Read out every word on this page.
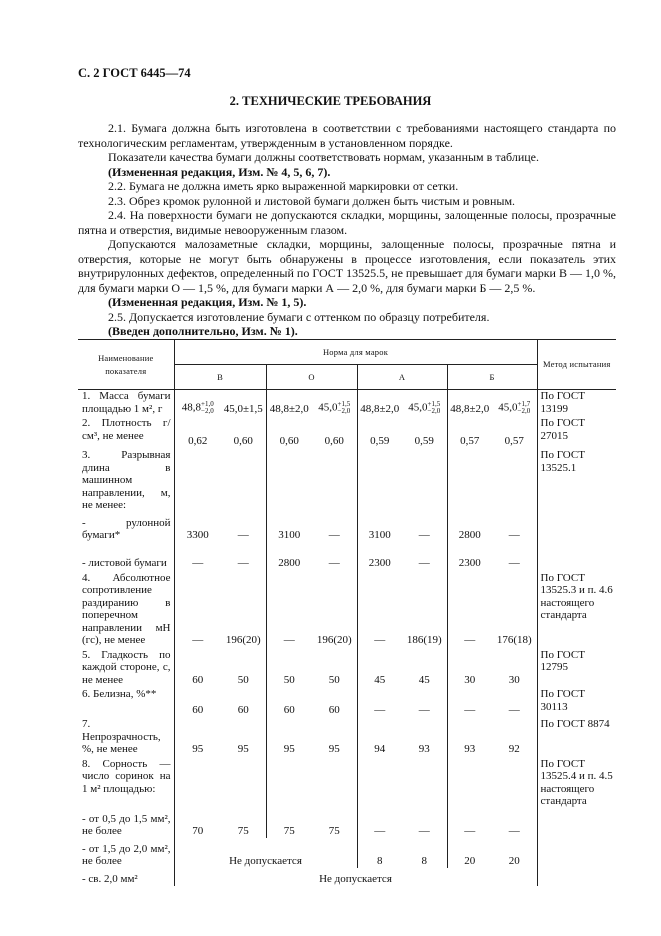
С. 2 ГОСТ 6445—74
2. ТЕХНИЧЕСКИЕ ТРЕБОВАНИЯ

2.1. Бумага должна быть изготовлена в соответствии с требованиями настоящего стандарта по технологическим регламентам, утвержденным в установленном порядке.

Показатели качества бумаги должны соответствовать нормам, указанным в таблице.

(Измененная редакция, Изм. № 4, 5, 6, 7).

2.2. Бумага не должна иметь ярко выраженной маркировки от сетки.

2.3. Обрез кромок рулонной и листовой бумаги должен быть чистым и ровным.

2.4. На поверхности бумаги не допускаются складки, морщины, залощенные полосы, прозрачные пятна и отверстия, видимые невооруженным глазом.

Допускаются малозаметные складки, морщины, залощенные полосы, прозрачные пятна и отверстия, которые не могут быть обнаружены в процессе изготовления, если показатель этих внутрирулонных дефектов, определенный по ГОСТ 13525.5, не превышает для бумаги марки В — 1,0 %, для бумаги марки О — 1,5 %, для бумаги марки А — 2,0 %, для бумаги марки Б — 2,5 %.

(Измененная редакция, Изм. № 1, 5).

2.5. Допускается изготовление бумаги с оттенком по образцу потребителя.

(Введен дополнительно, Изм. № 1).

Наименование показателя	Норма для марок								Метод испытания
	В		О		А		Б		
1. Масса бумаги площадью 1 м², г	48,8+1,0
−2,0	45,0±1,5	48,8±2,0	45,0+1,5
−2,0	48,8±2,0	45,0+1,5
−2,0	48,8±2,0	45,0+1,7
−2,0	По ГОСТ 13199
2. Плотность г/см³, не менее	0,62	0,60	0,60	0,60	0,59	0,59	0,57	0,57	По ГОСТ 27015
3. Разрывная длина в машинном направлении, м, не менее:									По ГОСТ 13525.1
- рулонной бумаги*	3300	—	3100	—	3100	—	2800	—	
- листовой бумаги	—	—	2800	—	2300	—	2300	—	
4. Абсолютное сопротивление раздиранию в поперечном направлении мН (гс), не менее	—	196(20)	—	196(20)	—	186(19)	—	176(18)	По ГОСТ 13525.3 и п. 4.6 настоящего стандарта
5. Гладкость по каждой стороне, с, не менее	60	50	50	50	45	45	30	30	По ГОСТ 12795
6. Белизна, %**	60	60	60	60	—	—	—	—	По ГОСТ 30113
7. Непрозрачность, %, не менее	95	95	95	95	94	93	93	92	По ГОСТ 8874
8. Сорность — число соринок на 1 м² площадью:									По ГОСТ 13525.4 и п. 4.5 настоящего стандарта
- от 0,5 до 1,5 мм², не более	70	75	75	75	—	—	—	—	
- от 1,5 до 2,0 мм², не более	Не допускается				8	8	20	20	
- св. 2,0 мм²	Не допускается								
